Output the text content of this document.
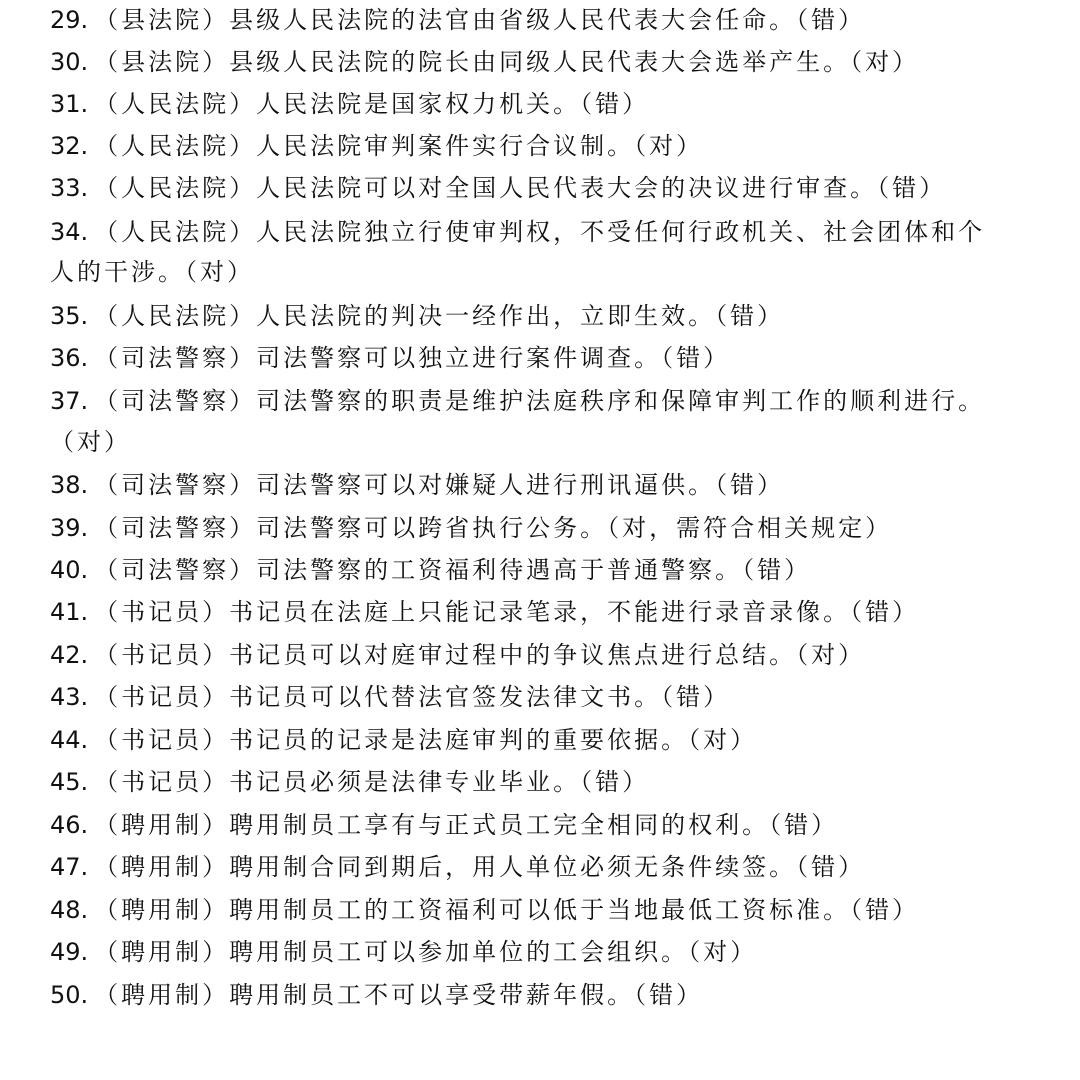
29. （县法院）县级人民法院的法官由省级人民代表大会任命。（错）
30. （县法院）县级人民法院的院长由同级人民代表大会选举产生。（对）
31. （人民法院）人民法院是国家权力机关。（错）
32. （人民法院）人民法院审判案件实行合议制。（对）
33. （人民法院）人民法院可以对全国人民代表大会的决议进行审查。（错）
34. （人民法院）人民法院独立行使审判权，不受任何行政机关、社会团体和个
人的干涉。（对）
35. （人民法院）人民法院的判决一经作出，立即生效。（错）
36. （司法警察）司法警察可以独立进行案件调查。（错）
37. （司法警察）司法警察的职责是维护法庭秩序和保障审判工作的顺利进行。
（对）
38. （司法警察）司法警察可以对嫌疑人进行刑讯逼供。（错）
39. （司法警察）司法警察可以跨省执行公务。（对，需符合相关规定）
40. （司法警察）司法警察的工资福利待遇高于普通警察。（错）
41. （书记员）书记员在法庭上只能记录笔录，不能进行录音录像。（错）
42. （书记员）书记员可以对庭审过程中的争议焦点进行总结。（对）
43. （书记员）书记员可以代替法官签发法律文书。（错）
44. （书记员）书记员的记录是法庭审判的重要依据。（对）
45. （书记员）书记员必须是法律专业毕业。（错）
46. （聘用制）聘用制员工享有与正式员工完全相同的权利。（错）
47. （聘用制）聘用制合同到期后，用人单位必须无条件续签。（错）
48. （聘用制）聘用制员工的工资福利可以低于当地最低工资标准。（错）
49. （聘用制）聘用制员工可以参加单位的工会组织。（对）
50. （聘用制）聘用制员工不可以享受带薪年假。（错）
